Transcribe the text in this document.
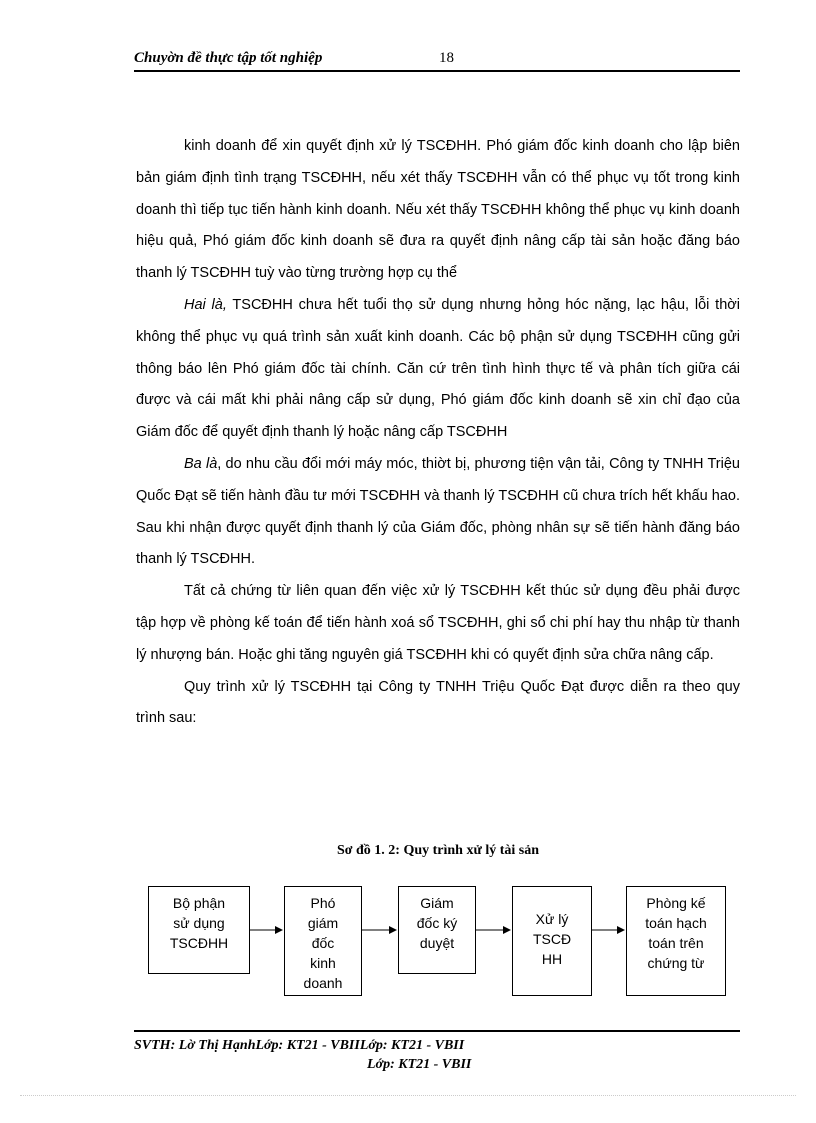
Chuyờn đề thực tập tốt nghiệp	18

kinh doanh để xin quyết định xử lý TSCĐHH. Phó giám đốc kinh doanh cho lập biên bản giám định tình trạng TSCĐHH, nếu xét thấy TSCĐHH vẫn có thể phục vụ tốt trong kinh doanh thì tiếp tục tiến hành kinh doanh. Nếu xét thấy TSCĐHH không thể phục vụ kinh doanh hiệu quả, Phó giám đốc kinh doanh sẽ đưa ra quyết định nâng cấp tài sản hoặc đăng báo thanh lý TSCĐHH tuỳ vào từng trường hợp cụ thể

Hai là, TSCĐHH chưa hết tuổi thọ sử dụng nhưng hỏng hóc nặng, lạc hậu, lỗi thời không thể phục vụ quá trình sản xuất kinh doanh. Các bộ phận sử dụng TSCĐHH cũng gửi thông báo lên Phó giám đốc tài chính. Căn cứ trên tình hình thực tế và phân tích giữa cái được và cái mất khi phải nâng cấp sử dụng, Phó giám đốc kinh doanh sẽ xin chỉ đạo của Giám đốc để quyết định thanh lý hoặc nâng cấp TSCĐHH

Ba là, do nhu cầu đổi mới máy móc, thiờt bị, phương tiện vận tải, Công ty TNHH Triệu Quốc Đạt sẽ tiến hành đầu tư mới TSCĐHH và thanh lý TSCĐHH cũ chưa trích hết khấu hao. Sau khi nhận được quyết định thanh lý của Giám đốc, phòng nhân sự sẽ tiến hành đăng báo thanh lý TSCĐHH.

Tất cả chứng từ liên quan đến việc xử lý TSCĐHH kết thúc sử dụng đều phải được tập hợp về phòng kế toán để tiến hành xoá sổ TSCĐHH, ghi sổ chi phí hay thu nhập từ thanh lý nhượng bán. Hoặc ghi tăng nguyên giá TSCĐHH khi có quyết định sửa chữa nâng cấp.

Quy trình xử lý TSCĐHH tại Công ty TNHH Triệu Quốc Đạt được diễn ra theo quy trình sau:

Sơ đồ 1. 2: Quy trình xử lý tài sản
Bộ phận
sử dụng
TSCĐHH
Phó
giám
đốc
kinh
doanh
Giám
đốc ký
duyệt
Xử lý
TSCĐ
HH
Phòng kế
toán hạch
toán trên
chứng từ
SVTH: Lờ Thị HạnhLớp: KT21 - VBIILớp: KT21 - VBII
Lớp: KT21 - VBII
